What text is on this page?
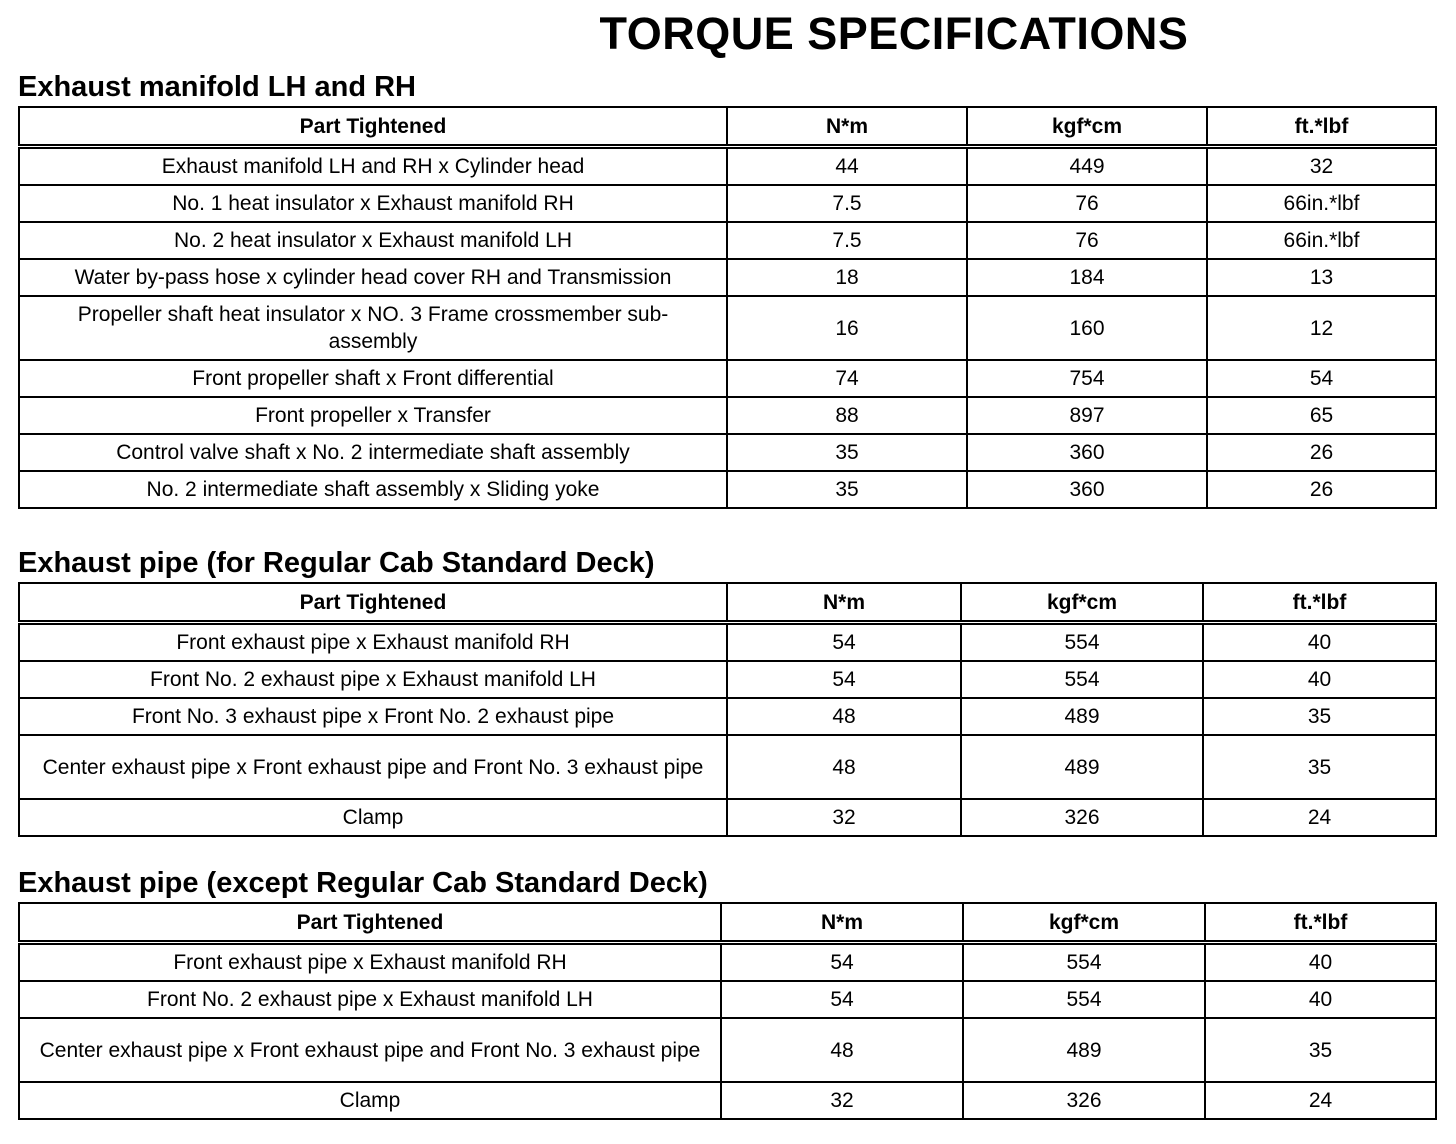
TORQUE SPECIFICATIONS
Exhaust manifold LH and RH
Part Tightened	N*m	kgf*cm	ft.*lbf
Exhaust manifold LH and RH x Cylinder head	44	449	32
No. 1 heat insulator x Exhaust manifold RH	7.5	76	66in.*lbf
No. 2 heat insulator x Exhaust manifold LH	7.5	76	66in.*lbf
Water by-pass hose x cylinder head cover RH and Transmission	18	184	13
Propeller shaft heat insulator x NO. 3 Frame crossmember sub-assembly	16	160	12
Front propeller shaft x Front differential	74	754	54
Front propeller x Transfer	88	897	65
Control valve shaft x No. 2 intermediate shaft assembly	35	360	26
No. 2 intermediate shaft assembly x Sliding yoke	35	360	26
Exhaust pipe (for Regular Cab Standard Deck)
Part Tightened	N*m	kgf*cm	ft.*lbf
Front exhaust pipe x Exhaust manifold RH	54	554	40
Front No. 2 exhaust pipe x Exhaust manifold LH	54	554	40
Front No. 3 exhaust pipe x Front No. 2 exhaust pipe	48	489	35
Center exhaust pipe x Front exhaust pipe and Front No. 3 exhaust pipe	48	489	35
Clamp	32	326	24
Exhaust pipe (except Regular Cab Standard Deck)
Part Tightened	N*m	kgf*cm	ft.*lbf
Front exhaust pipe x Exhaust manifold RH	54	554	40
Front No. 2 exhaust pipe x Exhaust manifold LH	54	554	40
Center exhaust pipe x Front exhaust pipe and Front No. 3 exhaust pipe	48	489	35
Clamp	32	326	24
